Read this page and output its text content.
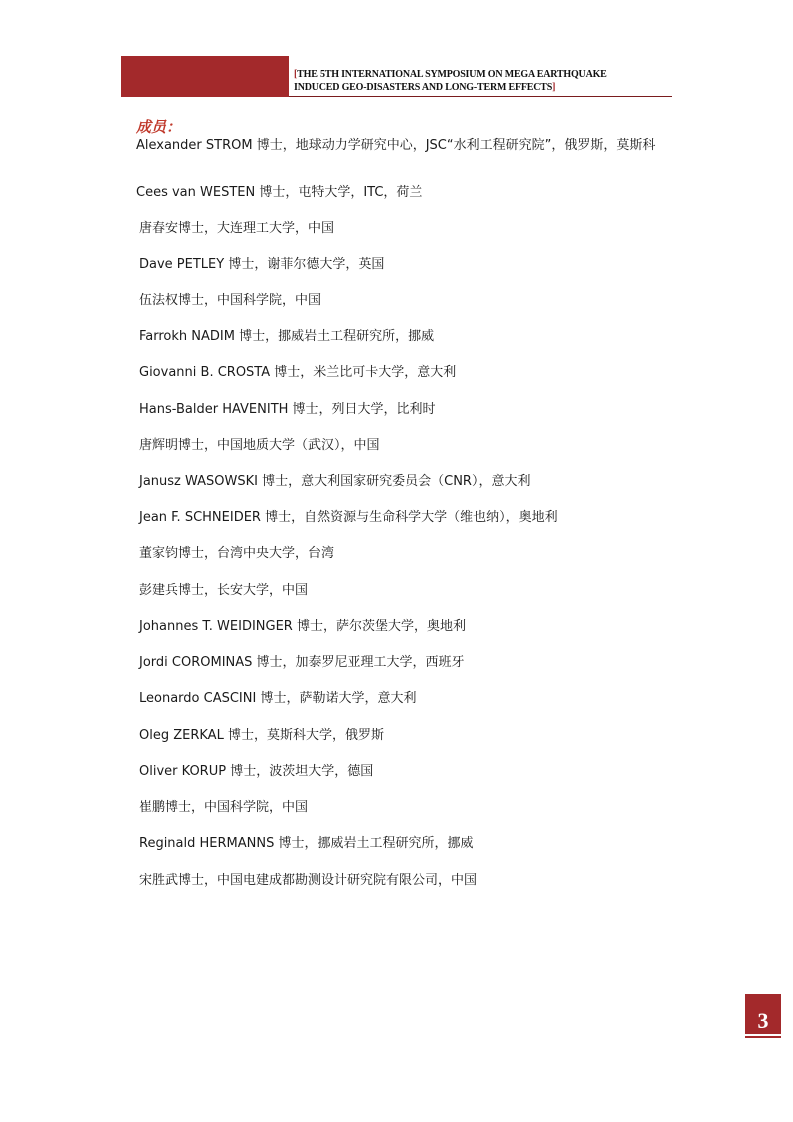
[THE 5TH INTERNATIONAL SYMPOSIUM ON MEGA EARTHQUAKE
INDUCED GEO-DISASTERS AND LONG-TERM EFFECTS]
成员：
Alexander STROM 博士，地球动力学研究中心，JSC“水利工程研究院”，俄罗斯，莫斯科
Cees van WESTEN 博士，屯特大学，ITC，荷兰
唐春安博士，大连理工大学，中国
Dave PETLEY 博士，谢菲尔德大学，英国
伍法权博士，中国科学院，中国
Farrokh NADIM 博士，挪威岩土工程研究所，挪威
Giovanni B. CROSTA 博士，米兰比可卡大学，意大利
Hans-Balder HAVENITH 博士，列日大学，比利时
唐辉明博士，中国地质大学（武汉），中国
Janusz WASOWSKI 博士，意大利国家研究委员会（CNR），意大利
Jean F. SCHNEIDER 博士，自然资源与生命科学大学（维也纳），奥地利
董家钧博士，台湾中央大学，台湾
彭建兵博士，长安大学，中国
Johannes T. WEIDINGER 博士，萨尔茨堡大学，奥地利
Jordi COROMINAS 博士，加泰罗尼亚理工大学，西班牙
Leonardo CASCINI 博士，萨勒诺大学，意大利
Oleg ZERKAL 博士，莫斯科大学，俄罗斯
Oliver KORUP 博士，波茨坦大学，德国
崔鹏博士，中国科学院，中国
Reginald HERMANNS 博士，挪威岩土工程研究所，挪威
宋胜武博士，中国电建成都勘测设计研究院有限公司，中国
3
